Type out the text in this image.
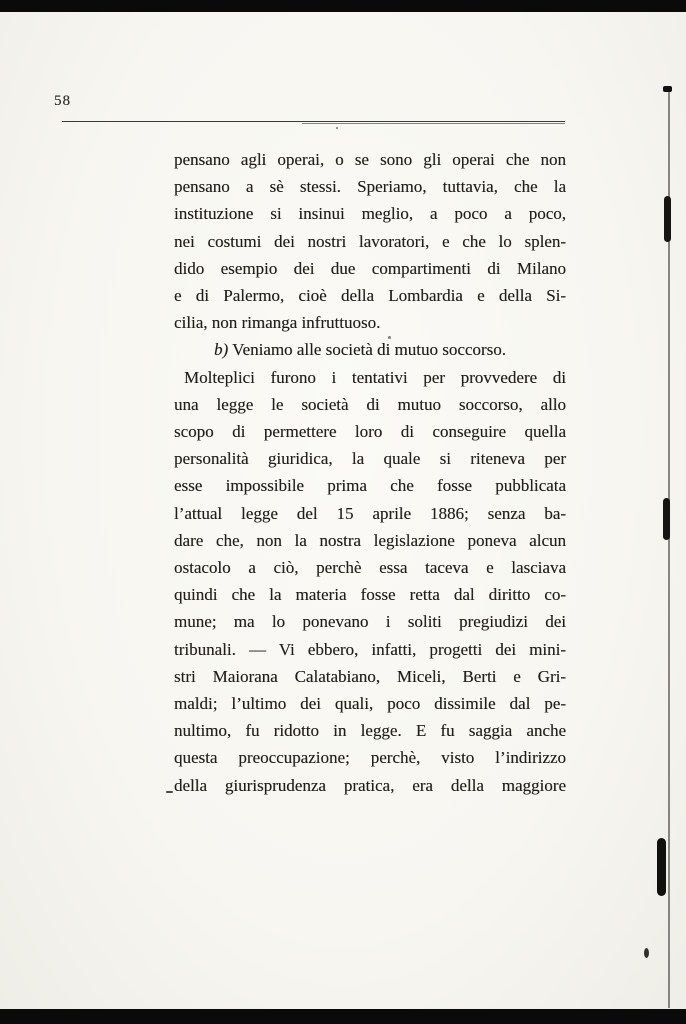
58
pensano agli operai, o se sono gli operai che non
pensano a sè stessi. Speriamo, tuttavia, che la
instituzione si insinui meglio, a poco a poco,
nei costumi dei nostri lavoratori, e che lo splen-
dido esempio dei due compartimenti di Milano
e di Palermo, cioè della Lombardia e della Si-
cilia, non rimanga infruttuoso.
b) Veniamo alle società di mutuo soccorso.
Molteplici furono i tentativi per provvedere di
una legge le società di mutuo soccorso, allo
scopo di permettere loro di conseguire quella
personalità giuridica, la quale si riteneva per
esse impossibile prima che fosse pubblicata
l’attual legge del 15 aprile 1886; senza ba-
dare che, non la nostra legislazione poneva alcun
ostacolo a ciò, perchè essa taceva e lasciava
quindi che la materia fosse retta dal diritto co-
mune; ma lo ponevano i soliti pregiudizi dei
tribunali. — Vi ebbero, infatti, progetti dei mini-
stri Maiorana Calatabiano, Miceli, Berti e Gri-
maldi; l’ultimo dei quali, poco dissimile dal pe-
nultimo, fu ridotto in legge. E fu saggia anche
questa preoccupazione; perchè, visto l’indirizzo
della giurisprudenza pratica, era della maggiore
